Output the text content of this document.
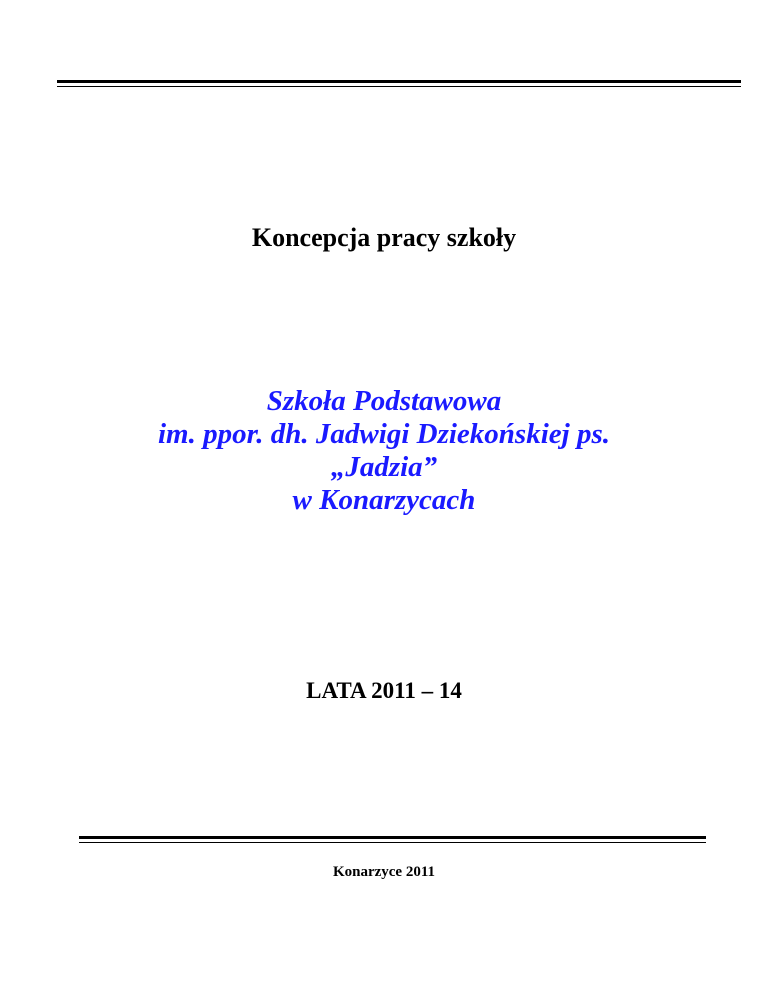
Koncepcja pracy szkoły
Szkoła Podstawowa
im. ppor. dh. Jadwigi Dziekońskiej ps.
„Jadzia”
w Konarzycach
LATA 2011 – 14
Konarzyce 2011
